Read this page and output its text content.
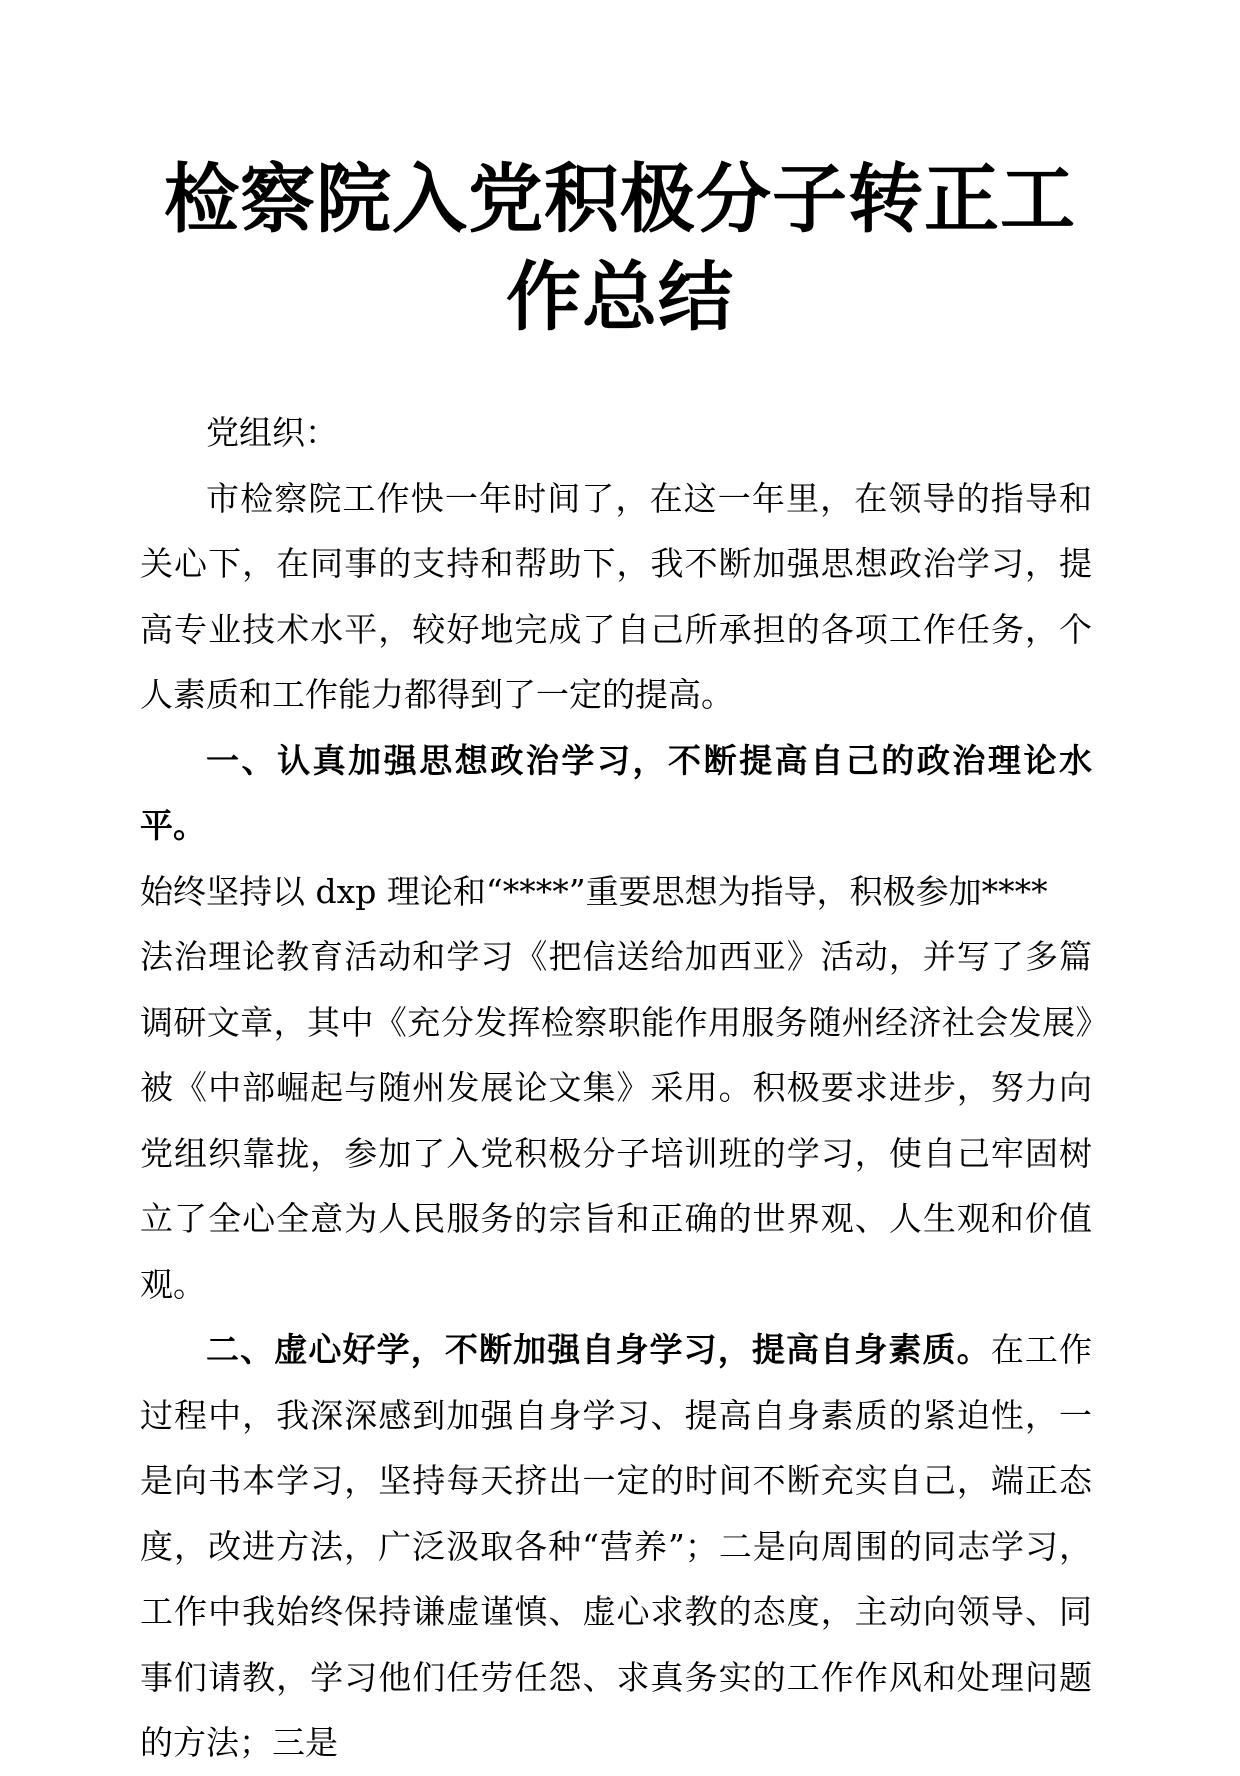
检察院入党积极分子转正工
作总结

党组织：

市检察院工作快一年时间了，在这一年里，在领导的指导和关心下，在同事的支持和帮助下，我不断加强思想政治学习，提高专业技术水平，较好地完成了自己所承担的各项工作任务，个人素质和工作能力都得到了一定的提高。

一、认真加强思想政治学习，不断提高自己的政治理论水平。
始终坚持以 dxp 理论和“****”重要思想为指导，积极参加****
法治理论教育活动和学习《把信送给加西亚》活动，并写了多篇调研文章，其中《充分发挥检察职能作用服务随州经济社会发展》被《中部崛起与随州发展论文集》采用。积极要求进步，努力向党组织靠拢，参加了入党积极分子培训班的学习，使自己牢固树立了全心全意为人民服务的宗旨和正确的世界观、人生观和价值观。

二、虚心好学，不断加强自身学习，提高自身素质。在工作过程中，我深深感到加强自身学习、提高自身素质的紧迫性，一是向书本学习，坚持每天挤出一定的时间不断充实自己，端正态度，改进方法，广泛汲取各种“营养”；二是向周围的同志学习，工作中我始终保持谦虚谨慎、虚心求教的态度，主动向领导、同事们请教，学习他们任劳任怨、求真务实的工作作风和处理问题的方法；三是
